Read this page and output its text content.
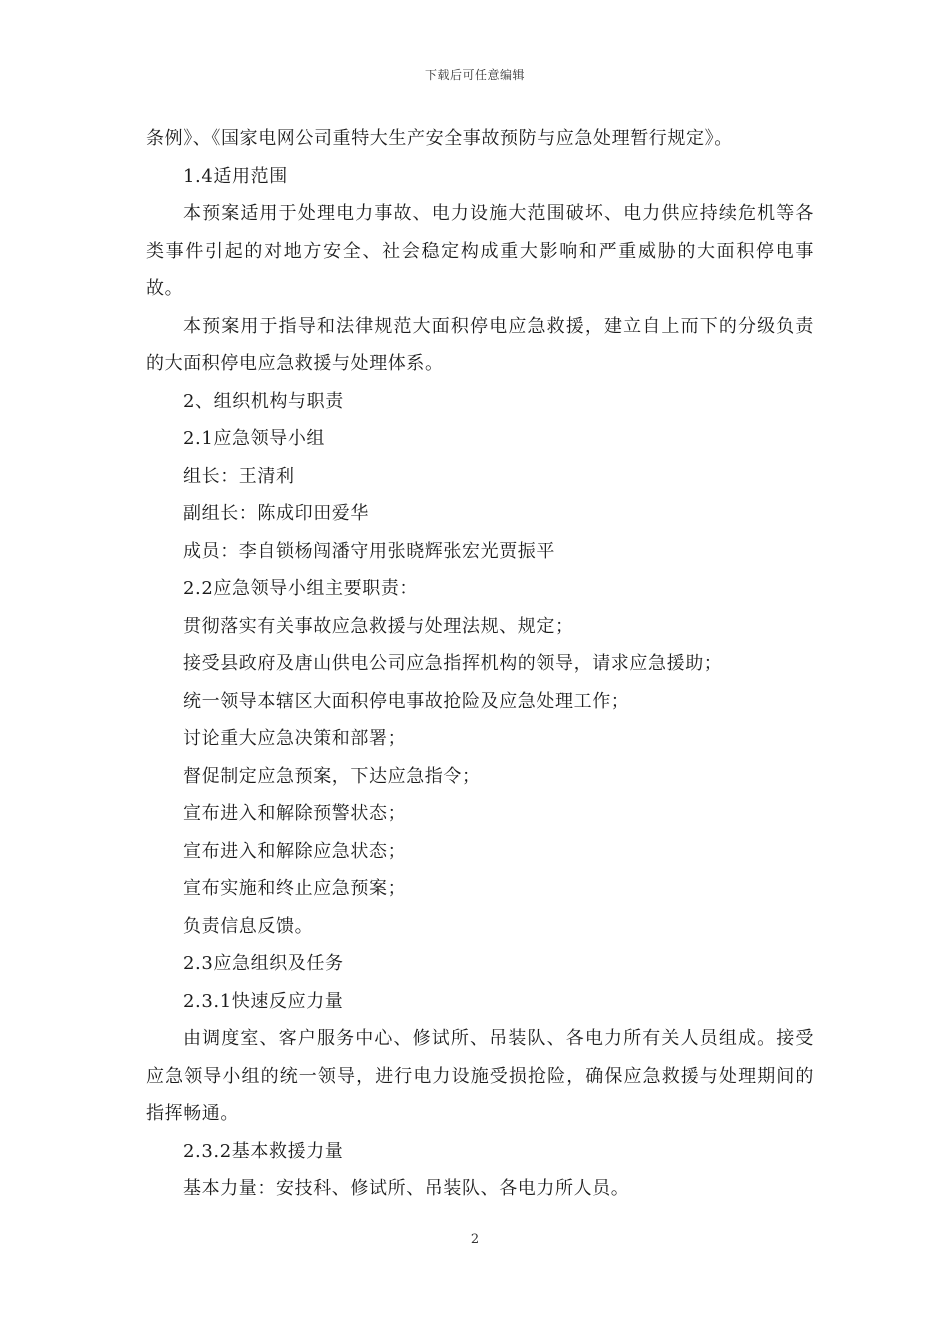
下载后可任意编辑

条例》、《国家电网公司重特大生产安全事故预防与应急处理暂行规定》。

1.4适用范围

本预案适用于处理电力事故、电力设施大范围破坏、电力供应持续危机等各类事件引起的对地方安全、社会稳定构成重大影响和严重威胁的大面积停电事故。

本预案用于指导和法律规范大面积停电应急救援，建立自上而下的分级负责的大面积停电应急救援与处理体系。

2、组织机构与职责

2.1应急领导小组

组长：王清利

副组长：陈成印田爱华

成员：李自锁杨闯潘守用张晓辉张宏光贾振平

2.2应急领导小组主要职责：

贯彻落实有关事故应急救援与处理法规、规定；

接受县政府及唐山供电公司应急指挥机构的领导，请求应急援助；

统一领导本辖区大面积停电事故抢险及应急处理工作；

讨论重大应急决策和部署；

督促制定应急预案，下达应急指令；

宣布进入和解除预警状态；

宣布进入和解除应急状态；

宣布实施和终止应急预案；

负责信息反馈。

2.3应急组织及任务

2.3.1快速反应力量

由调度室、客户服务中心、修试所、吊装队、各电力所有关人员组成。接受应急领导小组的统一领导，进行电力设施受损抢险，确保应急救援与处理期间的指挥畅通。

2.3.2基本救援力量

基本力量：安技科、修试所、吊装队、各电力所人员。

2
